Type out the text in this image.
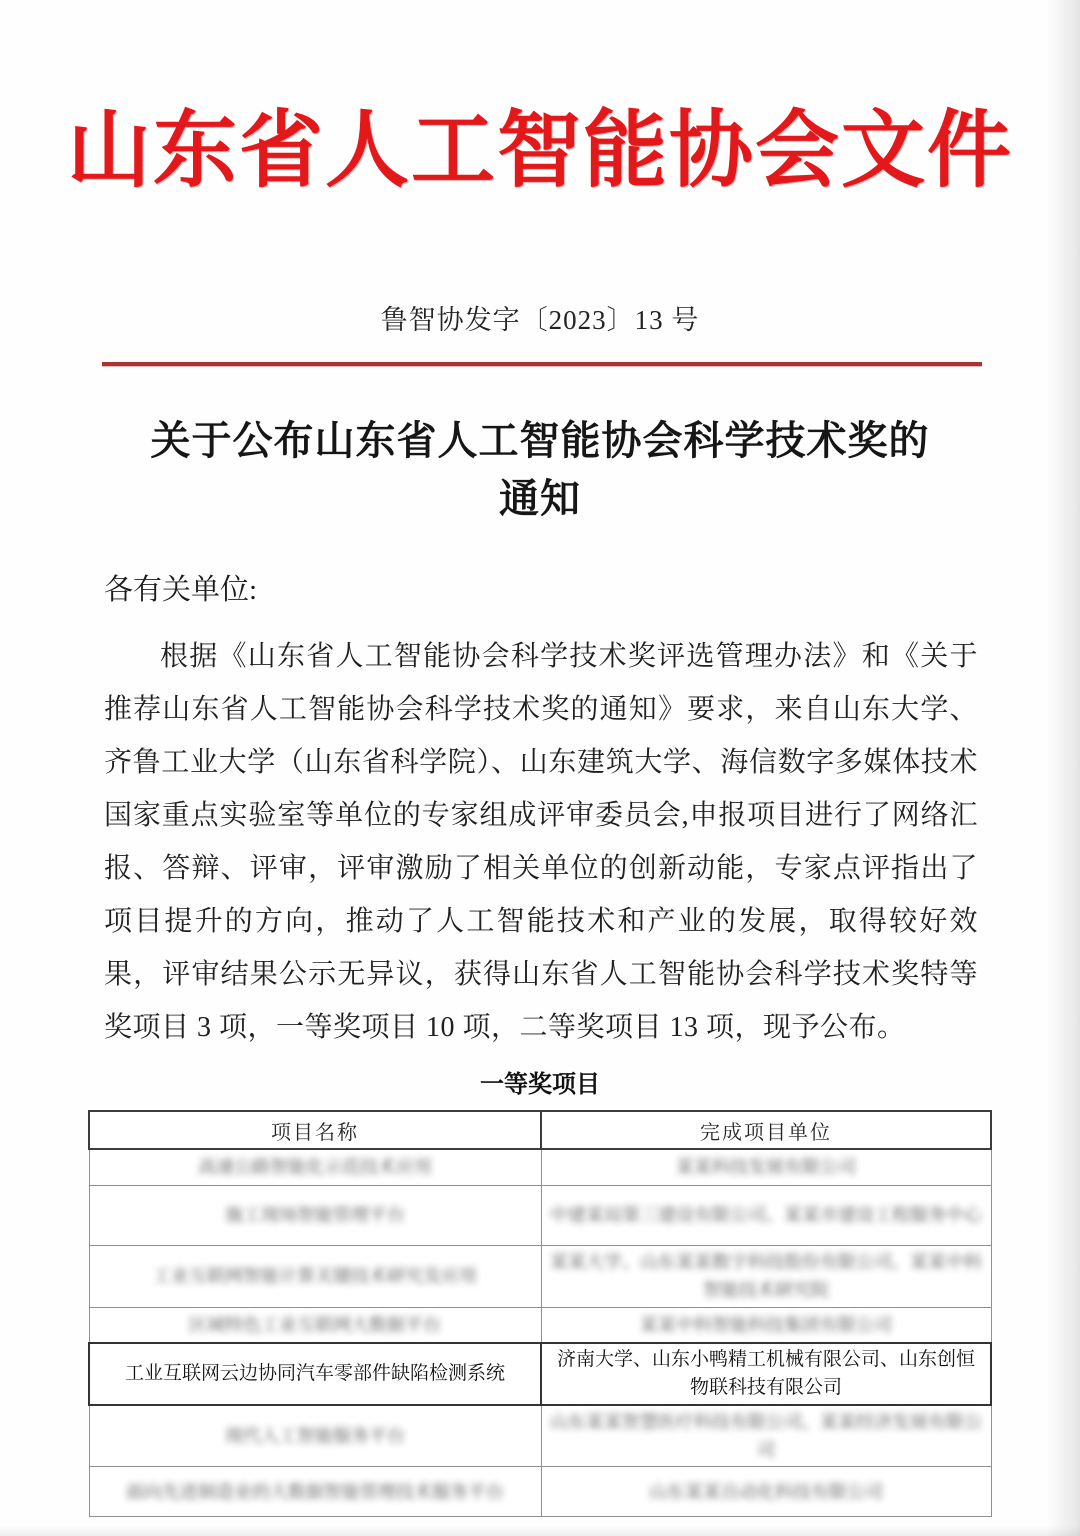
山东省人工智能协会文件
鲁智协发字〔2023〕13 号
关于公布山东省人工智能协会科学技术奖的
通知
各有关单位:
根据《山东省人工智能协会科学技术奖评选管理办法》和《关于推荐山东省人工智能协会科学技术奖的通知》要求，来自山东大学、齐鲁工业大学（山东省科学院）、山东建筑大学、海信数字多媒体技术国家重点实验室等单位的专家组成评审委员会,申报项目进行了网络汇报、答辩、评审，评审激励了相关单位的创新动能，专家点评指出了项目提升的方向，推动了人工智能技术和产业的发展，取得较好效果，评审结果公示无异议，获得山东省人工智能协会科学技术奖特等奖项目 3 项，一等奖项目 10 项，二等奖项目 13 项，现予公布。
一等奖项目
项目名称	完成项目单位
高速公路智能化示范技术应用	某某科技发展有限公司
施工现场智能管理平台	中建某局第三建设有限公司、某某市建设工程服务中心
工业互联网智能计算关键技术研究及应用	某某大学、山东某某数字科技股份有限公司、某某中科智能技术研究院
区域特色工业互联网大数据平台	某某中科智能科技集团有限公司
工业互联网云边协同汽车零部件缺陷检测系统	济南大学、山东小鸭精工机械有限公司、山东创恒物联科技有限公司
现代人工智能服务平台	山东某某智慧医疗科技有限公司、某某经济发展有限公司
面向先进制造业的大数据智能管理技术服务平台	山东某某自动化科技有限公司
